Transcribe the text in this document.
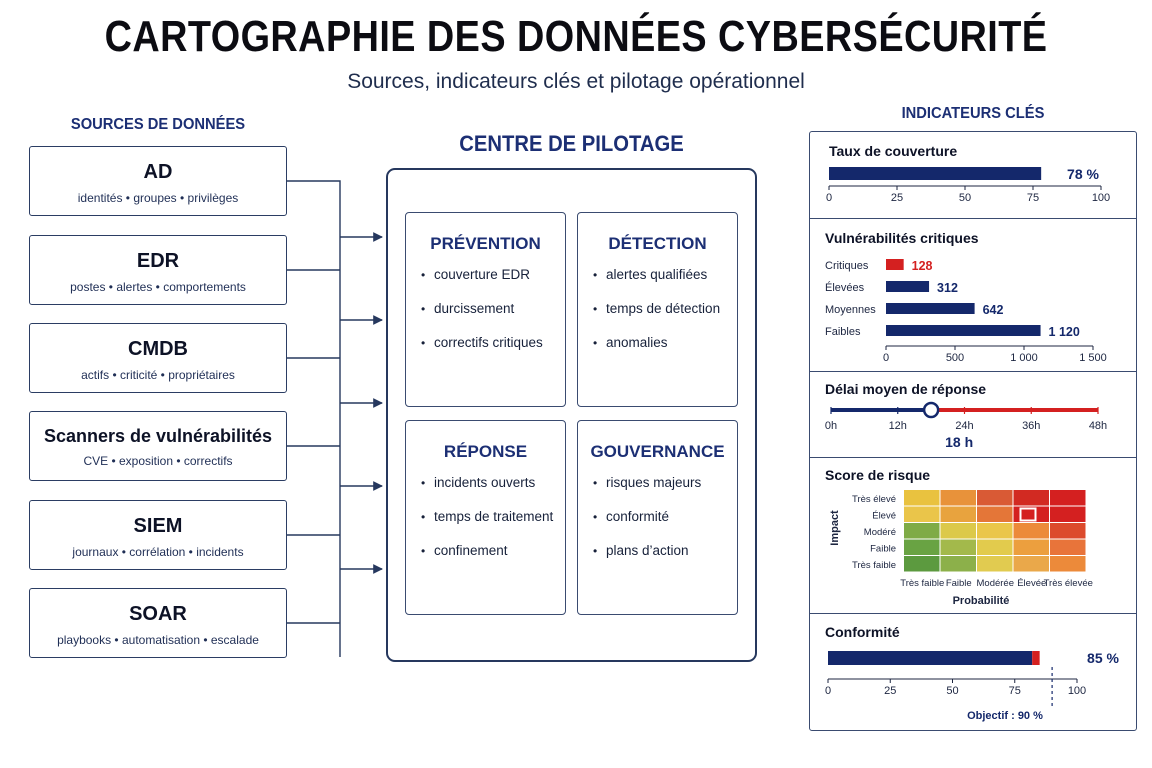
CARTOGRAPHIE DES DONNÉES CYBERSÉCURITÉ
Sources, indicateurs clés et pilotage opérationnel
SOURCES DE DONNÉES
AD
identités • groupes • privilèges
EDR
postes • alertes • comportements
CMDB
actifs • criticité • propriétaires
Scanners de vulnérabilités
CVE • exposition • correctifs
SIEM
journaux • corrélation • incidents
SOAR
playbooks • automatisation • escalade
CENTRE DE PILOTAGE
PRÉVENTION
• couverture EDR
• durcissement
• correctifs critiques
DÉTECTION
• alertes qualifiées
• temps de détection
• anomalies
RÉPONSE
• incidents ouverts
• temps de traitement
• confinement
GOUVERNANCE
• risques majeurs
• conformité
• plans d’action
INDICATEURS CLÉS
Taux de couverture
Vulnérabilités critiques
Délai moyen de réponse
Score de risque
Conformité
78 %
0	25	50	75	100
Critiques	128
Élevées	312
Moyennes	642
Faibles	1 120
0	500	1 000	1 500
0h	12h	24h	36h	48h
18 h
Très élevé
Élevé
Modéré
Faible
Très faible
Très faible Faible Modérée Élevée
Très élevée
Probabilité
Impact
85 %
0	25	50	75	100
Objectif : 90 %
